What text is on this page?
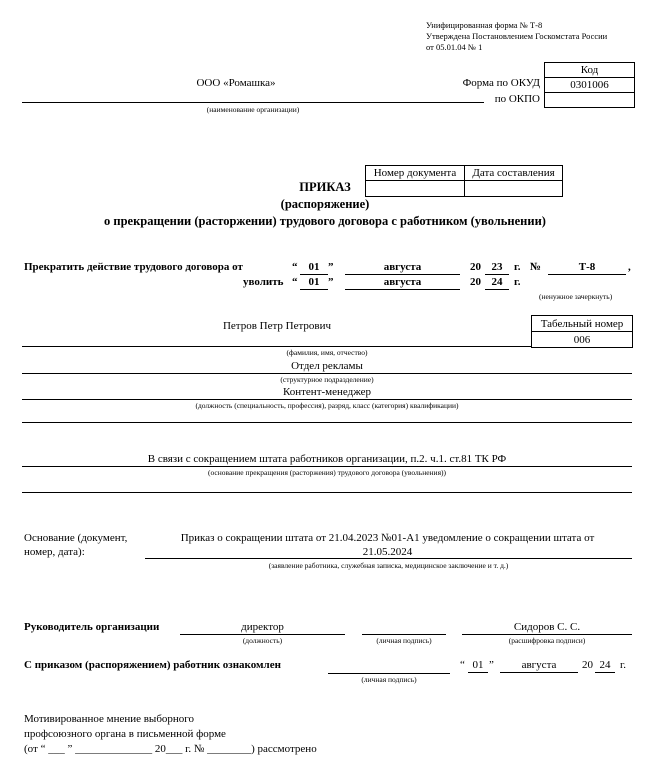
Унифицированная форма № Т-8
Утверждена Постановлением Госкомстата России
от 05.01.04 № 1
Код
0301006

Форма по ОКУД
по ОКПО
ООО «Ромашка»
(наименование организации)
Номер документа	Дата составления

ПРИКАЗ
(распоряжение)
о прекращении (расторжении) трудового договора с работником (увольнении)
Прекратить действие трудового договора от	“	01 ”	августа	20 23	г. №	Т-8	,
уволить “	01 ”	августа	20 24	г.
(ненужное зачеркнуть)
Петров Петр Петрович	Табельный номер
006
(фамилия, имя, отчество)
Отдел рекламы
(структурное подразделение)
Контент-менеджер
(должность (специальность, профессия), разряд, класс (категория) квалификации)
В связи с сокращением штата работников организации, п.2. ч.1. ст.81 ТК РФ
(основание прекращения (расторжения) трудового договора (увольнения))
Основание (документ,
номер, дата):
Приказ о сокращении штата от 21.04.2023 №01-А1 уведомление о сокращении штата от
21.05.2024
(заявление работника, служебная записка, медицинское заключение и т. д.)
Руководитель организации	директор
(должность)	(личная подпись)
Сидоров С. С.
(расшифровка подписи)
С приказом (распоряжением) работник ознакомлен
(личная подпись)
“ 01 ”	августа	20 24 г.
Мотивированное мнение выборного
профсоюзного органа в письменной форме
(от “ ___ ” ______________ 20___ г. № ________) рассмотрено
